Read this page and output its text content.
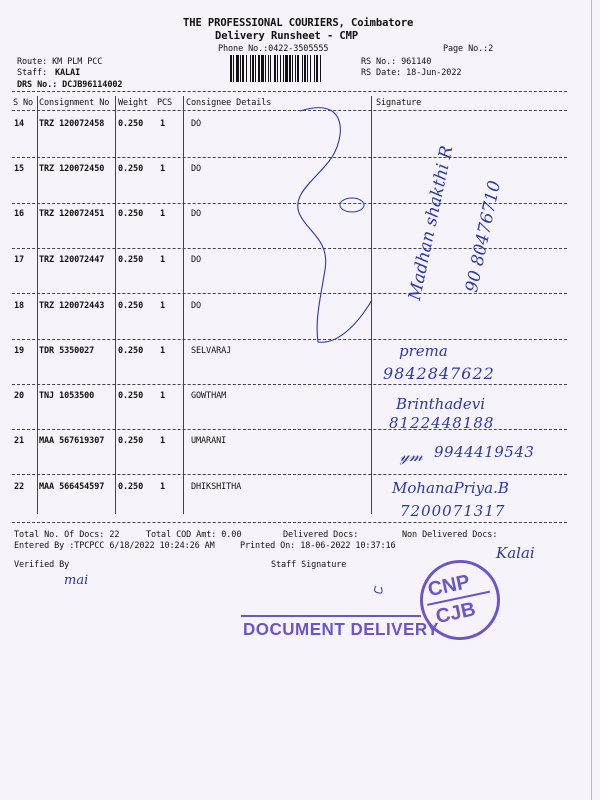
THE PROFESSIONAL COURIERS, Coimbatore
Delivery Runsheet - CMP
Phone No.:0422-3505555	Page No.:2
Route: KM PLM PCC
Staff: KALAI
DRS No.: DCJB96114002
RS No.: 961140
RS Date: 18-Jun-2022
S No Consignment No Weight PCS Consignee Details	Signature
14 TRZ 120072458 0.250 1	DO
15 TRZ 120072450 0.250 1	DO
16 TRZ 120072451 0.250 1	DO
17 TRZ 120072447 0.250 1	DO
18 TRZ 120072443 0.250 1	DO
19 TDR 5350027	0.250 1	SELVARAJ
20 TNJ 1053500	0.250 1	GOWTHAM
21 MAA 567619307 0.250 1	UMARANI
22 MAA 566454597 0.250 1	DHIKSHITHA
Total No. Of Docs: 22	Total COD Amt: 0.00	Delivered Docs:	Non Delivered Docs:
Entered By :TPCPCC 6/18/2022 10:24:26 AM	Printed On: 18-06-2022 10:37:16
Verified By	Staff Signature
Madhan shakthi R 90 80476710
prema
9842847622
Brinthadevi
8122448188
𝓎𝓂 9944419543
MohanaPriya.B
7200071317
Kalai
mai	CNP
CJB
DOCUMENT DELIVERY
